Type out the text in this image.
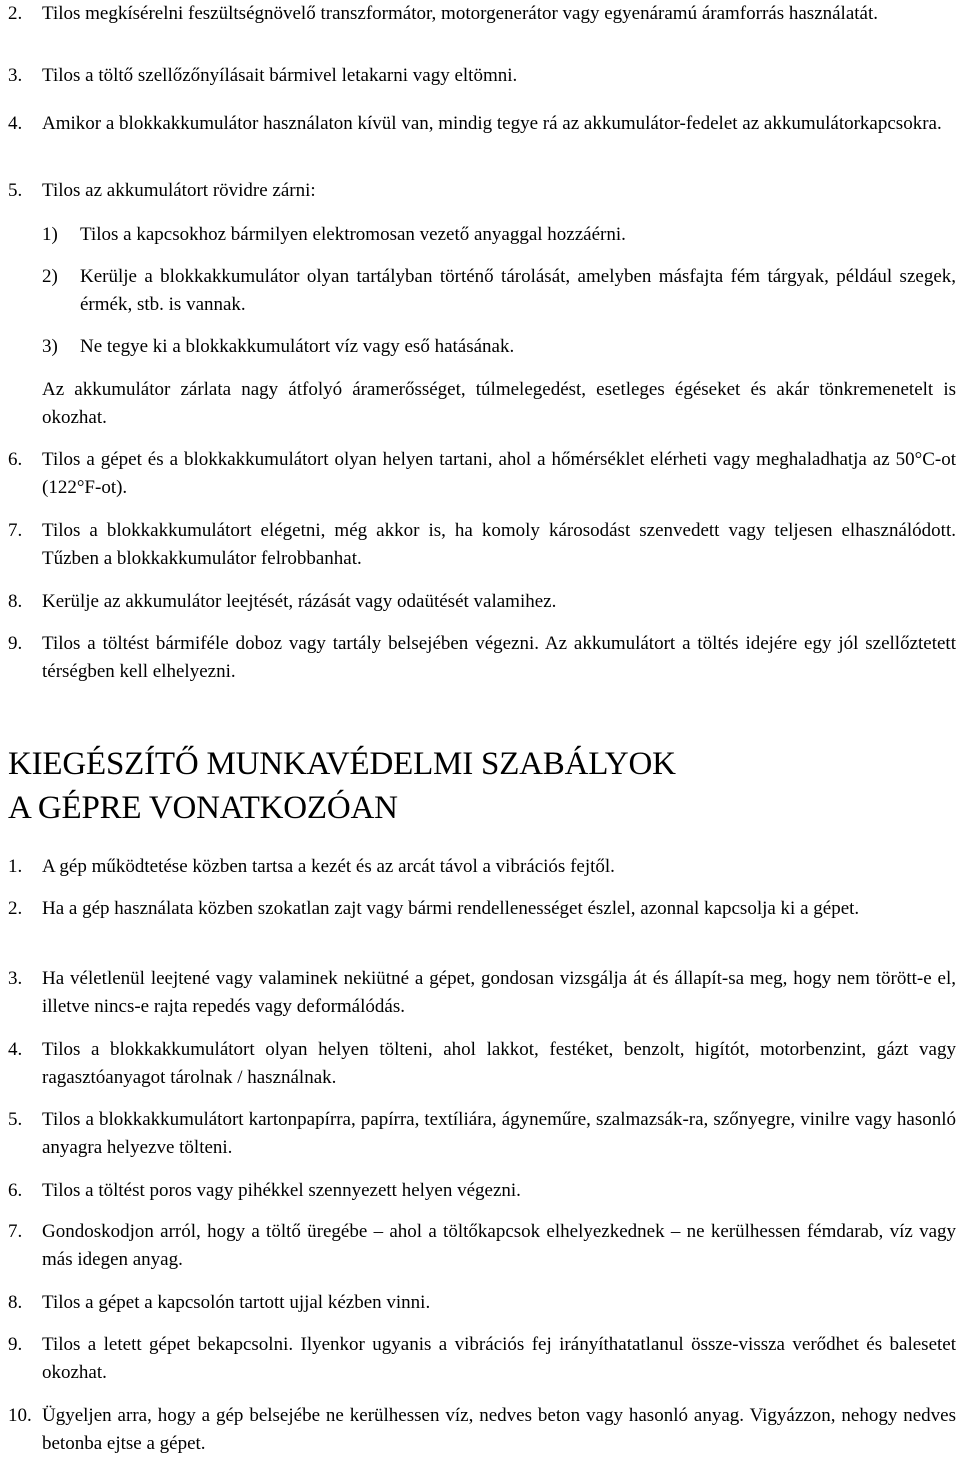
2.	Tilos megkísérelni feszültségnövelő transzformátor, motorgenerátor vagy egyenáramú áramforrás használatát.
3.	Tilos a töltő szellőzőnyílásait bármivel letakarni vagy eltömni.
4.	Amikor a blokkakkumulátor használaton kívül van, mindig tegye rá az akkumulátor-fedelet az akkumulátorkapcsokra.
5.	Tilos az akkumulátort rövidre zárni:
1)	Tilos a kapcsokhoz bármilyen elektromosan vezető anyaggal hozzáérni.
2)	Kerülje a blokkakkumulátor olyan tartályban történő tárolását, amelyben másfajta fém tárgyak, például szegek, érmék, stb. is vannak.
3)	Ne tegye ki a blokkakkumulátort víz vagy eső hatásának.
Az akkumulátor zárlata nagy átfolyó áramerősséget, túlmelegedést, esetleges égéseket és akár tönkremenetelt is okozhat.
6.	Tilos a gépet és a blokkakkumulátort olyan helyen tartani, ahol a hőmérséklet elérheti vagy meghaladhatja az 50°C-ot (122°F-ot).
7.	Tilos a blokkakkumulátort elégetni, még akkor is, ha komoly károsodást szenvedett vagy teljesen elhasználódott. Tűzben a blokkakkumulátor felrobbanhat.
8.	Kerülje az akkumulátor leejtését, rázását vagy odaütését valamihez.
9.	Tilos a töltést bármiféle doboz vagy tartály belsejében végezni. Az akkumulátort a töltés idejére egy jól szellőztetett térségben kell elhelyezni.
KIEGÉSZÍTŐ MUNKAVÉDELMI SZABÁLYOK
A GÉPRE VONATKOZÓAN
1.	A gép működtetése közben tartsa a kezét és az arcát távol a vibrációs fejtől.
2.	Ha a gép használata közben szokatlan zajt vagy bármi rendellenességet észlel, azonnal kapcsolja ki a gépet.
3.	Ha véletlenül leejtené vagy valaminek nekiütné a gépet, gondosan vizsgálja át és állapít-sa meg, hogy nem törött-e el, illetve nincs-e rajta repedés vagy deformálódás.
4.	Tilos a blokkakkumulátort olyan helyen tölteni, ahol lakkot, festéket, benzolt, higítót, motorbenzint, gázt vagy ragasztóanyagot tárolnak / használnak.
5.	Tilos a blokkakkumulátort kartonpapírra, papírra, textíliára, ágyneműre, szalmazsák-ra, szőnyegre, vinilre vagy hasonló anyagra helyezve tölteni.
6.	Tilos a töltést poros vagy pihékkel szennyezett helyen végezni.
7.	Gondoskodjon arról, hogy a töltő üregébe – ahol a töltőkapcsok elhelyezkednek – ne kerülhessen fémdarab, víz vagy más idegen anyag.
8.	Tilos a gépet a kapcsolón tartott ujjal kézben vinni.
9.	Tilos a letett gépet bekapcsolni. Ilyenkor ugyanis a vibrációs fej irányíthatatlanul össze-vissza verődhet és balesetet okozhat.
10. Ügyeljen arra, hogy a gép belsejébe ne kerülhessen víz, nedves beton vagy hasonló anyag. Vigyázzon, nehogy nedves betonba ejtse a gépet.
